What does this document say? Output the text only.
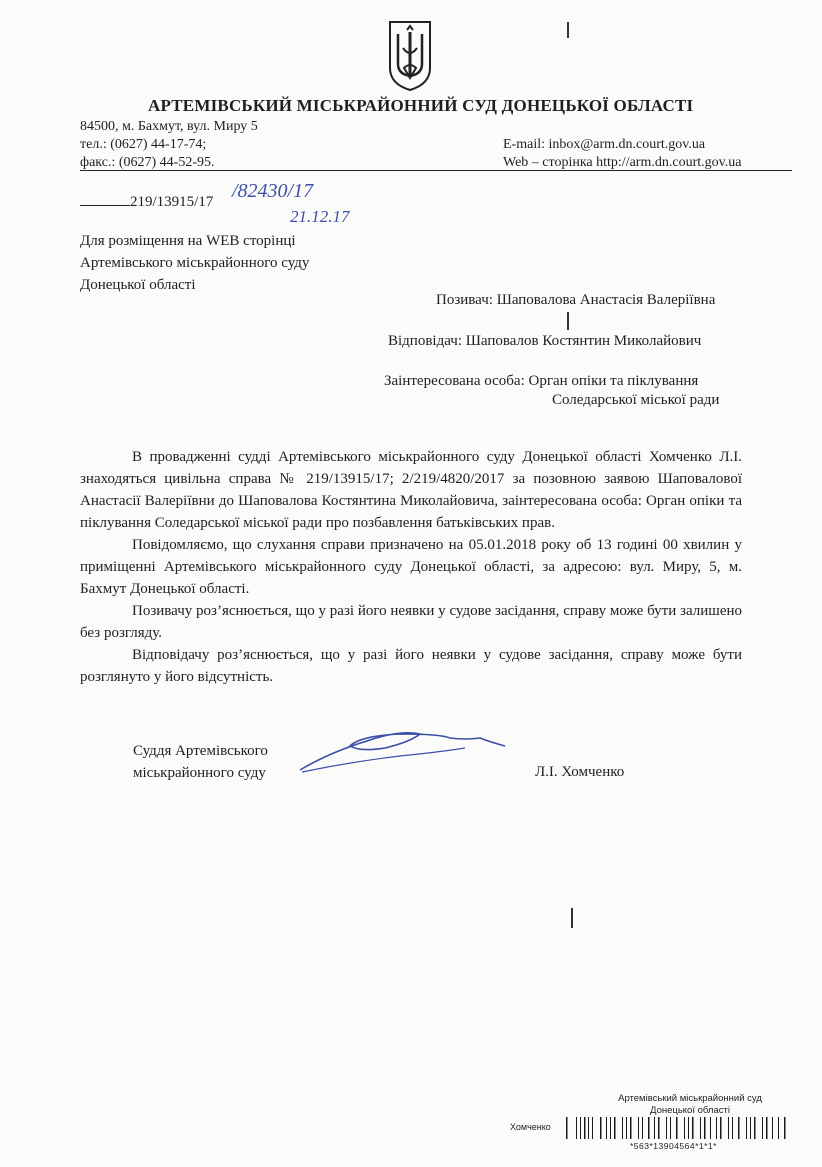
АРТЕМІВСЬКИЙ МІСЬКРАЙОННИЙ СУД ДОНЕЦЬКОЇ ОБЛАСТІ
84500, м. Бахмут, вул. Миру 5
тел.: (0627) 44-17-74;
факс.: (0627) 44-52-95.
E-mail: inbox@arm.dn.court.gov.ua
Web – сторінка http://arm.dn.court.gov.ua
219/13915/17 /82430/17
21.12.17
Для розміщення на WEB сторінці
Артемівського міськрайонного суду
Донецької області
Позивач: Шаповалова Анастасія Валеріївна
Відповідач: Шаповалов Костянтин Миколайович
Заінтересована особа: Орган опіки та піклування
Соледарської міської ради

В провадженні судді Артемівського міськрайонного суду Донецької області Хомченко Л.І. знаходяться цивільна справа № 219/13915/17; 2/219/4820/2017 за позовною заявою Шаповалової Анастасії Валеріївни до Шаповалова Костянтина Миколайовича, заінтересована особа: Орган опіки та піклування Соледарської міської ради про позбавлення батьківських прав.

Повідомляємо, що слухання справи призначено на 05.01.2018 року об 13 годині 00 хвилин у приміщенні Артемівського міськрайонного суду Донецької області, за адресою: вул. Миру, 5, м. Бахмут Донецької області.

Позивачу роз’яснюється, що у разі його неявки у судове засідання, справу може бути залишено без розгляду.

Відповідачу роз’яснюється, що у разі його неявки у судове засідання, справу може бути розглянуто у його відсутність.

Суддя Артемівського
міськрайонного суду	Л.І. Хомченко
Артемівський міськрайонний суд
Донецької області
Хомченко
*563*13904564*1*1*
